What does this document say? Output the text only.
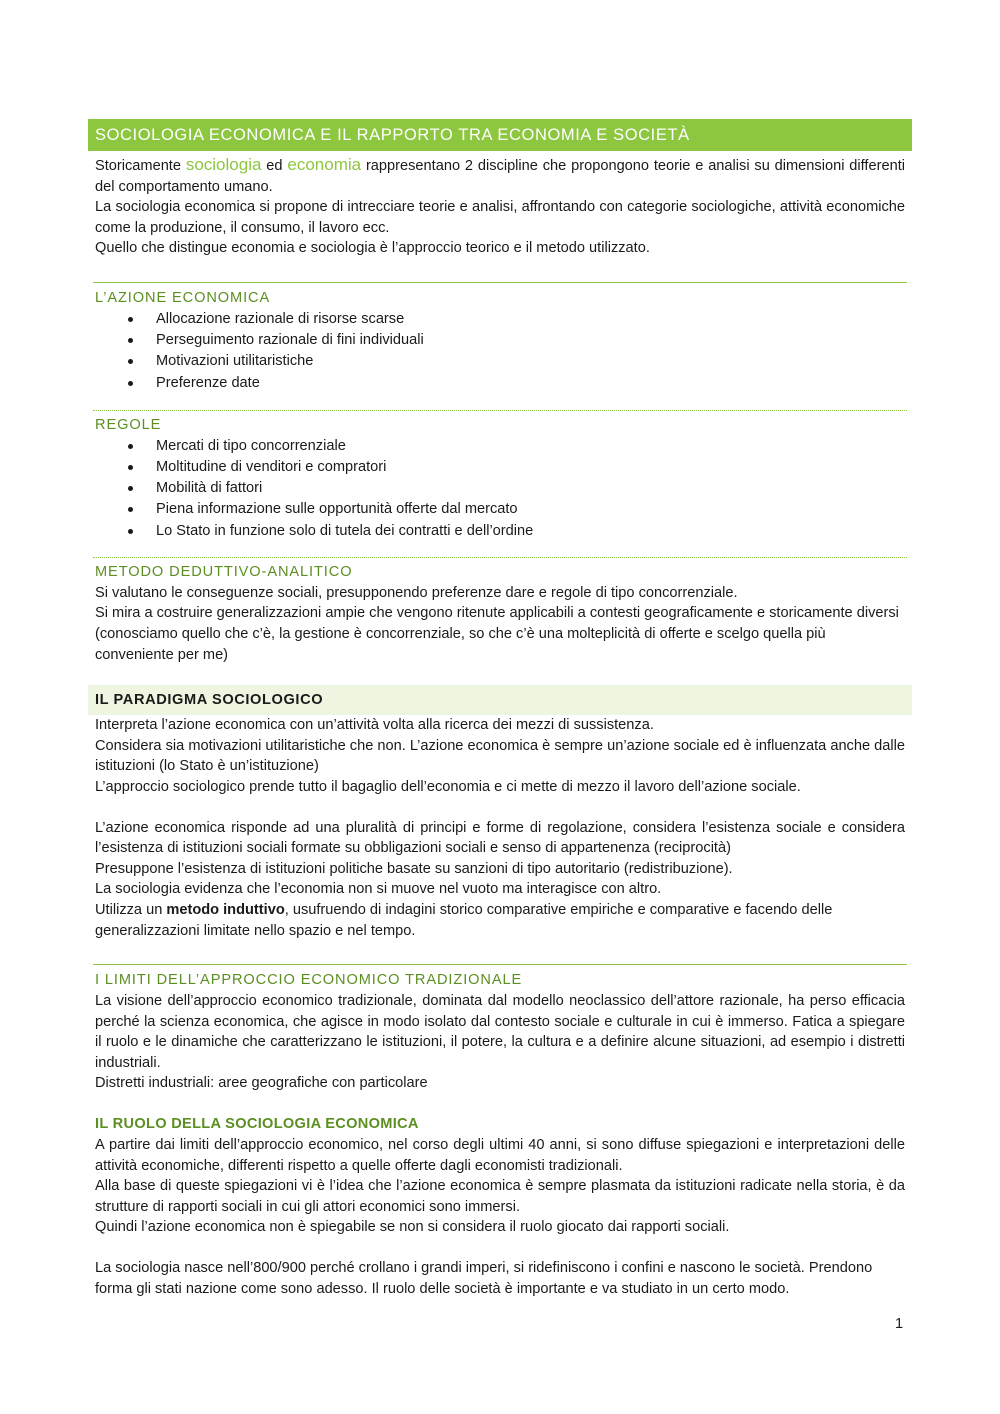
SOCIOLOGIA ECONOMICA E IL RAPPORTO TRA ECONOMIA E SOCIETÀ

Storicamente sociologia ed economia rappresentano 2 discipline che propongono teorie e analisi su dimensioni differenti del comportamento umano.

La sociologia economica si propone di intrecciare teorie e analisi, affrontando con categorie sociologiche, attività economiche come la produzione, il consumo, il lavoro ecc.

Quello che distingue economia e sociologia è l’approccio teorico e il metodo utilizzato.

L’AZIONE ECONOMICA
Allocazione razionale di risorse scarse
Perseguimento razionale di fini individuali
Motivazioni utilitaristiche
Preferenze date
REGOLE
Mercati di tipo concorrenziale
Moltitudine di venditori e compratori
Mobilità di fattori
Piena informazione sulle opportunità offerte dal mercato
Lo Stato in funzione solo di tutela dei contratti e dell’ordine
METODO DEDUTTIVO-ANALITICO

Si valutano le conseguenze sociali, presupponendo preferenze dare e regole di tipo concorrenziale.

Si mira a costruire generalizzazioni ampie che vengono ritenute applicabili a contesti geograficamente e storicamente diversi (conosciamo quello che c’è, la gestione è concorrenziale, so che c’è una molteplicità di offerte e scelgo quella più conveniente per me)

IL PARADIGMA SOCIOLOGICO

Interpreta l’azione economica con un’attività volta alla ricerca dei mezzi di sussistenza.

Considera sia motivazioni utilitaristiche che non. L’azione economica è sempre un’azione sociale ed è influenzata anche dalle istituzioni (lo Stato è un’istituzione)

L’approccio sociologico prende tutto il bagaglio dell’economia e ci mette di mezzo il lavoro dell’azione sociale.

L’azione economica risponde ad una pluralità di principi e forme di regolazione, considera l’esistenza sociale e considera l’esistenza di istituzioni sociali formate su obbligazioni sociali e senso di appartenenza (reciprocità)

Presuppone l’esistenza di istituzioni politiche basate su sanzioni di tipo autoritario (redistribuzione).

La sociologia evidenza che l’economia non si muove nel vuoto ma interagisce con altro.

Utilizza un metodo induttivo, usufruendo di indagini storico comparative empiriche e comparative e facendo delle generalizzazioni limitate nello spazio e nel tempo.

I LIMITI DELL’APPROCCIO ECONOMICO TRADIZIONALE

La visione dell’approccio economico tradizionale, dominata dal modello neoclassico dell’attore razionale, ha perso efficacia perché la scienza economica, che agisce in modo isolato dal contesto sociale e culturale in cui è immerso. Fatica a spiegare il ruolo e le dinamiche che caratterizzano le istituzioni, il potere, la cultura e a definire alcune situazioni, ad esempio i distretti industriali.

Distretti industriali: aree geografiche con particolare

IL RUOLO DELLA SOCIOLOGIA ECONOMICA

A partire dai limiti dell’approccio economico, nel corso degli ultimi 40 anni, si sono diffuse spiegazioni e interpretazioni delle attività economiche, differenti rispetto a quelle offerte dagli economisti tradizionali.

Alla base di queste spiegazioni vi è l’idea che l’azione economica è sempre plasmata da istituzioni radicate nella storia, è da strutture di rapporti sociali in cui gli attori economici sono immersi.

Quindi l’azione economica non è spiegabile se non si considera il ruolo giocato dai rapporti sociali.

La sociologia nasce nell’800/900 perché crollano i grandi imperi, si ridefiniscono i confini e nascono le società. Prendono forma gli stati nazione come sono adesso. Il ruolo delle società è importante e va studiato in un certo modo.

1
